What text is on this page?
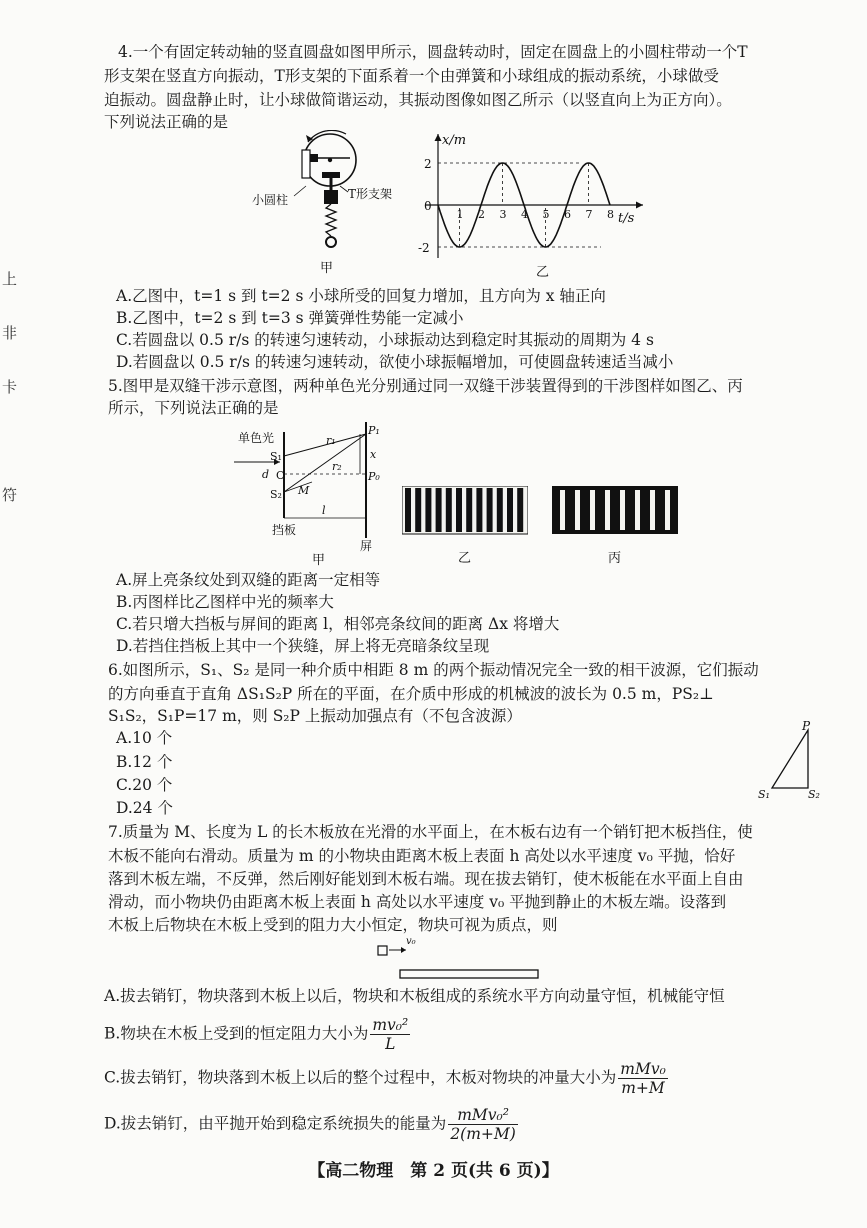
上
非
卡
符
4.一个有固定转动轴的竖直圆盘如图甲所示，圆盘转动时，固定在圆盘上的小圆柱带动一个T
形支架在竖直方向振动，T形支架的下面系着一个由弹簧和小球组成的振动系统，小球做受
迫振动。圆盘静止时，让小球做简谐运动，其振动图像如图乙所示（以竖直向上为正方向）。
下列说法正确的是
小圆柱	T形支架
甲
x/m
t/s
2
0
-2
1 2 3 4 5 6 7 8
乙
A.乙图中，t=1 s 到 t=2 s 小球所受的回复力增加，且方向为 x 轴正向
B.乙图中，t=2 s 到 t=3 s 弹簧弹性势能一定减小
C.若圆盘以 0.5 r/s 的转速匀速转动，小球振动达到稳定时其振动的周期为 4 s
D.若圆盘以 0.5 r/s 的转速匀速转动，欲使小球振幅增加，可使圆盘转速适当减小
5.图甲是双缝干涉示意图，两种单色光分别通过同一双缝干涉装置得到的干涉图样如图乙、丙
所示，下列说法正确的是
单色光
S₁
S₂
O
d
M
r₁
r₂
P₁
P₀
x
l
挡板
屏
甲	乙	丙
A.屏上亮条纹处到双缝的距离一定相等
B.丙图样比乙图样中光的频率大
C.若只增大挡板与屏间的距离 l，相邻亮条纹间的距离 Δx 将增大
D.若挡住挡板上其中一个狭缝，屏上将无亮暗条纹呈现
6.如图所示，S₁、S₂ 是同一种介质中相距 8 m 的两个振动情况完全一致的相干波源，它们振动
的方向垂直于直角 ΔS₁S₂P 所在的平面，在介质中形成的机械波的波长为 0.5 m，PS₂⊥
S₁S₂，S₁P=17 m，则 S₂P 上振动加强点有（不包含波源）
A.10 个
B.12 个
C.20 个
D.24 个
P
S₁	S₂
7.质量为 M、长度为 L 的长木板放在光滑的水平面上，在木板右边有一个销钉把木板挡住，使
木板不能向右滑动。质量为 m 的小物块由距离木板上表面 h 高处以水平速度 v₀ 平抛，恰好
落到木板左端，不反弹，然后刚好能划到木板右端。现在拔去销钉，使木板能在水平面上自由
滑动，而小物块仍由距离木板上表面 h 高处以水平速度 v₀ 平抛到静止的木板左端。设落到
木板上后物块在木板上受到的阻力大小恒定，物块可视为质点，则
v₀
A.拔去销钉，物块落到木板上以后，物块和木板组成的系统水平方向动量守恒，机械能守恒
B.物块在木板上受到的恒定阻力大小为 $\frac{\text{mv₀²}}{L}$
C.拔去销钉，物块落到木板上以后的整个过程中，木板对物块的冲量大小为 $\frac{\text{mMv₀}}{m+M}$
D.拔去销钉，由平抛开始到稳定系统损失的能量为 $\frac{\text{mMv₀²}}{2(m+M)}$
【高二物理　第 2 页(共 6 页)】
